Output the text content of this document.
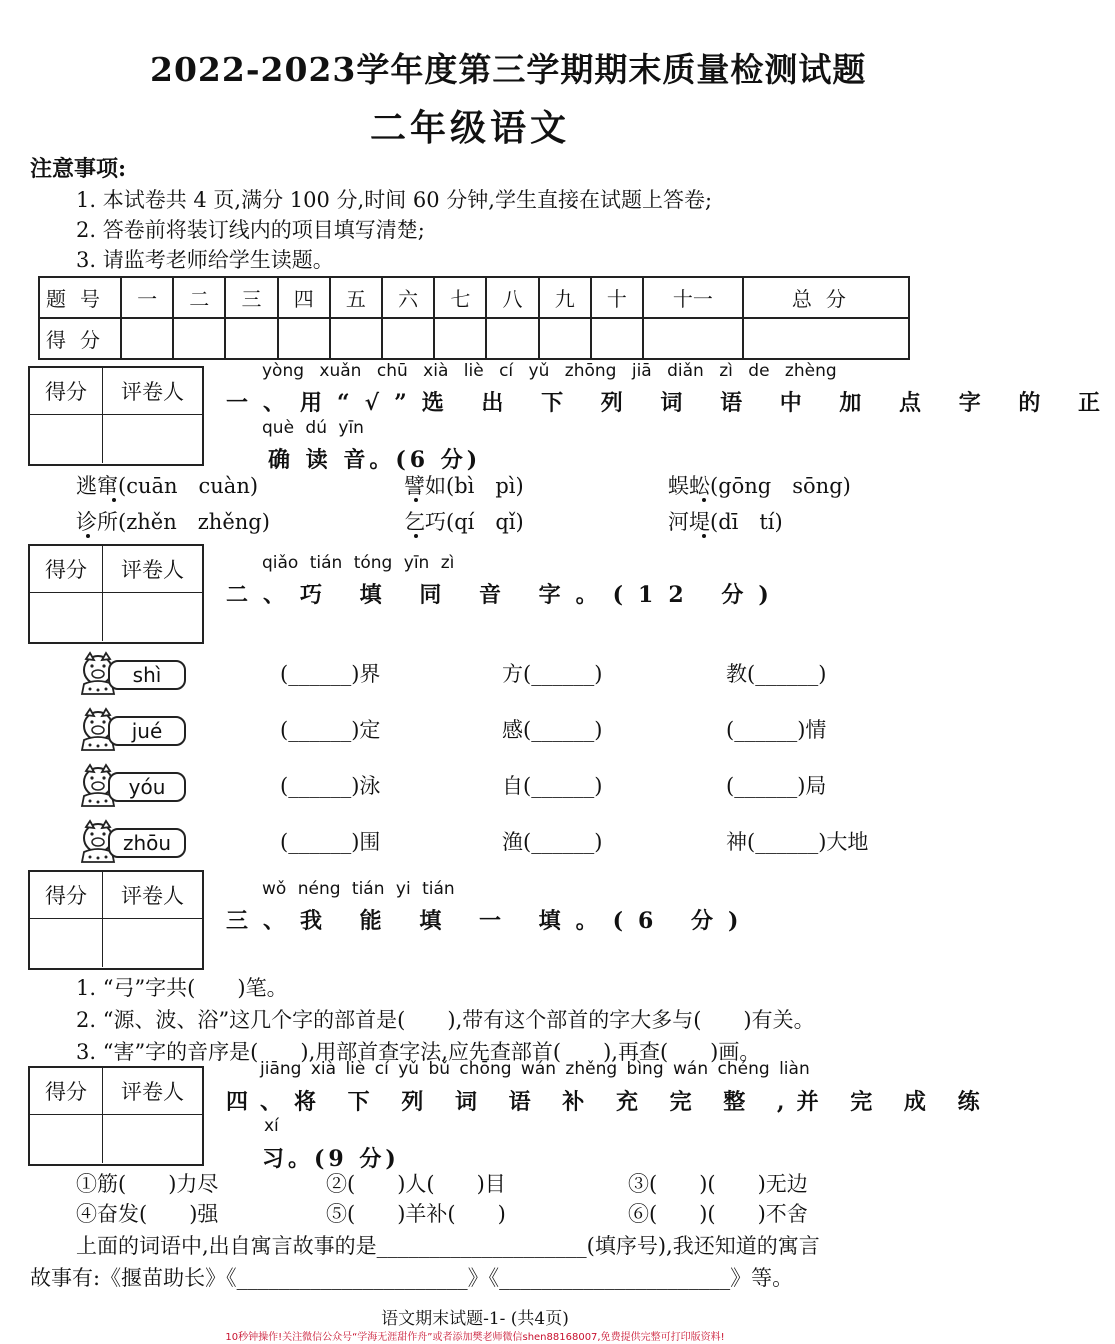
2022-2023学年度第三学期期末质量检测试题
二年级语文
注意事项:
1. 本试卷共 4 页,满分 100 分,时间 60 分钟,学生直接在试题上答卷;
2. 答卷前将装订线内的项目填写清楚;
3. 请监考老师给学生读题。
题号	一	二	三	四	五	六	七	八	九	十	十一	总分
得分												
得分	评卷人
得分	评卷人
得分	评卷人
得分	评卷人
yòng xuǎn chū xià liè cí yǔ zhōng jiā diǎn zì de zhèng
一、用“√”选 出 下 列 词 语 中 加 点 字 的 正
què dú yīn
确 读 音。(6 分)
逃窜(cuān　cuàn)	譬如(bì　pì)	蜈蚣(gōng　sōng)
诊所(zhěn　zhěng)	乞巧(qí　qǐ)	河堤(dī　tí)
qiǎo tián tóng yīn zì
二、巧 填 同 音 字。(12 分)
shì
jué
yóu
zhōu
(______)界	方(______)	教(______)
(______)定	感(______)	(______)情
(______)泳	自(______)	(______)局
(______)围	渔(______)	神(______)大地
wǒ néng tián yi tián
三、我 能 填 一 填。(6 分)
1. “弓”字共(　　)笔。
2. “源、波、浴”这几个字的部首是(　　),带有这个部首的字大多与(　　)有关。
3. “害”字的音序是(　　),用部首查字法,应先查部首(　　),再查(　　)画。
jiāng xià liè cí yǔ bǔ chōng wán zhěng bìng wán chéng liàn
四、将 下 列 词 语 补 充 完 整 ,并 完 成 练
xí
习。(9 分)
①筋(　　)力尽	②(　　)人(　　)目	③(　　)(　　)无边
④奋发(　　)强	⑤(　　)羊补(　　)	⑥(　　)(　　)不舍
上面的词语中,出自寓言故事的是____________________(填序号),我还知道的寓言
故事有:《揠苗助长》《______________________》《______________________》等。
语文期末试题-1- (共4页)
10秒钟操作!关注微信公众号“学海无涯甜作舟”或者添加樊老师微信shen88168007,免费提供完整可打印版资料!
